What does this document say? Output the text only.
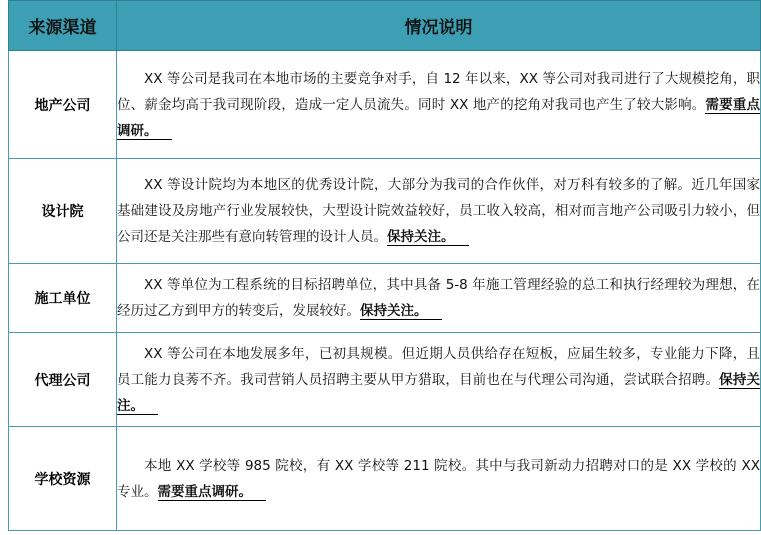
来源渠道	情况说明
地产公司	XX 等公司是我司在本地市场的主要竞争对手，自 12 年以来，XX 等公司对我司进行了大规模挖角，职位、薪金均高于我司现阶段，造成一定人员流失。同时 XX 地产的挖角对我司也产生了较大影响。需要重点调研。

设计院	XX 等设计院均为本地区的优秀设计院，大部分为我司的合作伙伴，对万科有较多的了解。近几年国家基础建设及房地产行业发展较快，大型设计院效益较好，员工收入较高，相对而言地产公司吸引力较小，但公司还是关注那些有意向转管理的设计人员。保持关注。

施工单位	XX 等单位为工程系统的目标招聘单位，其中具备 5-8 年施工管理经验的总工和执行经理较为理想，在经历过乙方到甲方的转变后，发展较好。保持关注。

代理公司	XX 等公司在本地发展多年，已初具规模。但近期人员供给存在短板，应届生较多，专业能力下降，且员工能力良莠不齐。我司营销人员招聘主要从甲方猎取，目前也在与代理公司沟通，尝试联合招聘。保持关注。

学校资源	本地 XX 学校等 985 院校，有 XX 学校等 211 院校。其中与我司新动力招聘对口的是 XX 学校的 XX 专业。需要重点调研。
